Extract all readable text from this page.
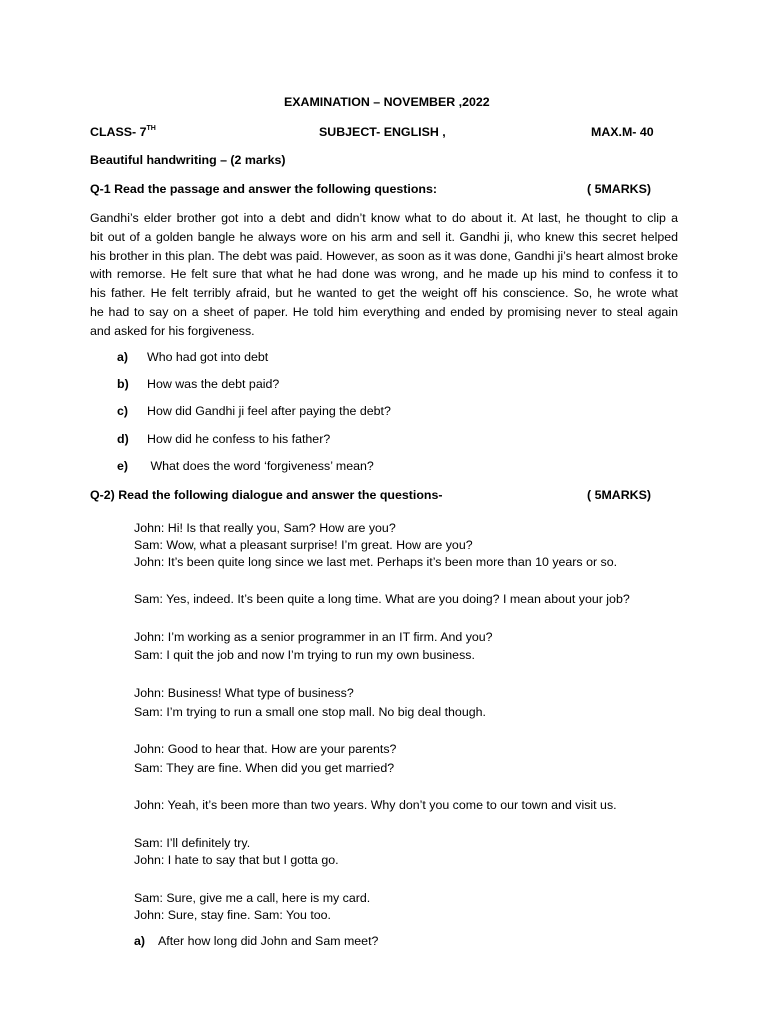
EXAMINATION – NOVEMBER ,2022
CLASS- 7TH	SUBJECT- ENGLISH ,	MAX.M- 40
Beautiful handwriting – (2 marks)
Q-1 Read the passage and answer the following questions:	( 5MARKS)
Gandhi’s elder brother got into a debt and didn’t know what to do about it. At last, he thought to clip a
bit out of a golden bangle he always wore on his arm and sell it. Gandhi ji, who knew this secret helped
his brother in this plan. The debt was paid. However, as soon as it was done, Gandhi ji’s heart almost broke
with remorse. He felt sure that what he had done was wrong, and he made up his mind to confess it to
his father. He felt terribly afraid, but he wanted to get the weight off his conscience. So, he wrote what
he had to say on a sheet of paper. He told him everything and ended by promising never to steal again
and asked for his forgiveness.
a) Who had got into debt
b) How was the debt paid?
c) How did Gandhi ji feel after paying the debt?
d) How did he confess to his father?
e) What does the word ‘forgiveness’ mean?
Q-2) Read the following dialogue and answer the questions-	( 5MARKS)
John: Hi! Is that really you, Sam? How are you?
Sam: Wow, what a pleasant surprise! I’m great. How are you?
John: It’s been quite long since we last met. Perhaps it’s been more than 10 years or so.
Sam: Yes, indeed. It’s been quite a long time. What are you doing? I mean about your job?
John: I’m working as a senior programmer in an IT firm. And you?
Sam: I quit the job and now I’m trying to run my own business.
John: Business! What type of business?
Sam: I’m trying to run a small one stop mall. No big deal though.
John: Good to hear that. How are your parents?
Sam: They are fine. When did you get married?
John: Yeah, it’s been more than two years. Why don’t you come to our town and visit us.
Sam: I’ll definitely try.
John: I hate to say that but I gotta go.
Sam: Sure, give me a call, here is my card.
John: Sure, stay fine. Sam: You too.
a) After how long did John and Sam meet?
